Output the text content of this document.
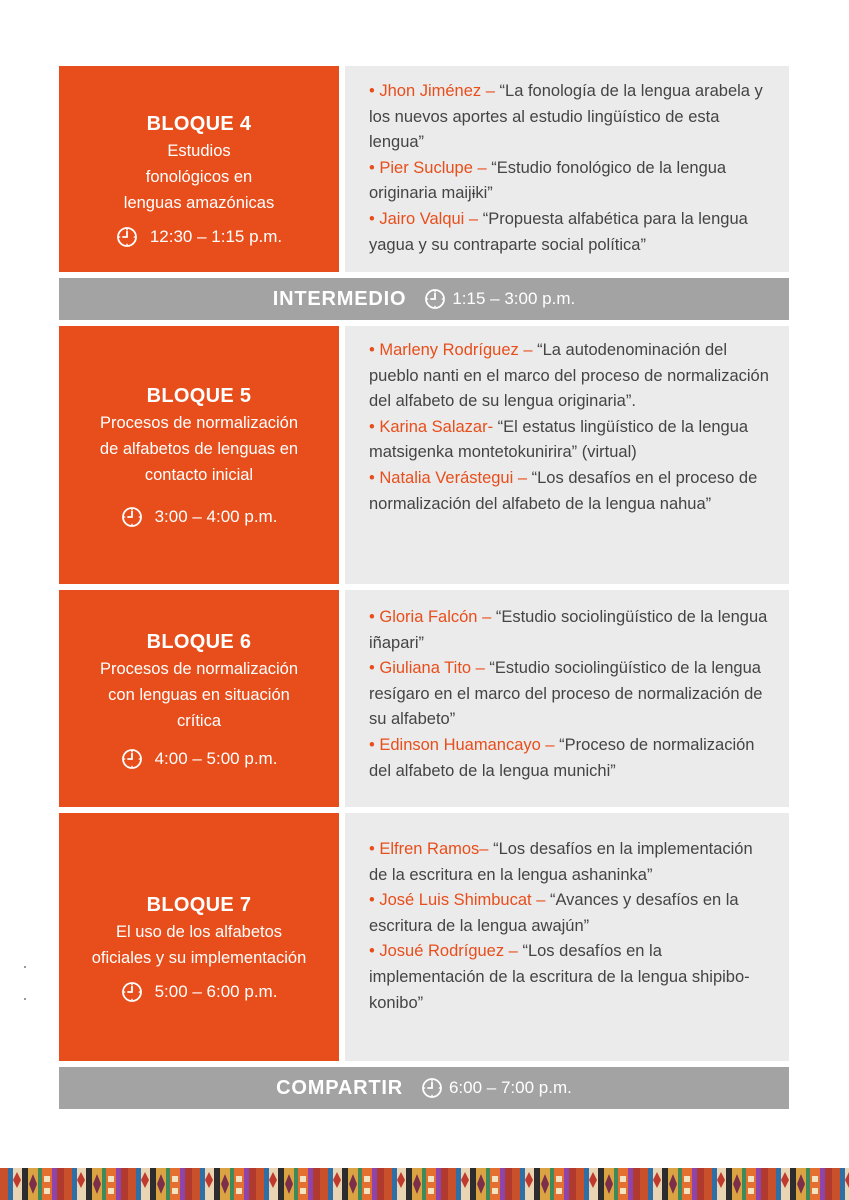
BLOQUE 4
Estudios
fonológicos en
lenguas amazónicas
12:30 – 1:15 p.m.

• Jhon Jiménez – “La fonología de la lengua arabela y los nuevos aportes al estudio lingüístico de esta lengua”

• Pier Suclupe – “Estudio fonológico de la lengua originaria maijɨki”

• Jairo Valqui – “Propuesta alfabética para la lengua yagua y su contraparte social política”

INTERMEDIO	1:15 – 3:00 p.m.
BLOQUE 5
Procesos de normalización
de alfabetos de lenguas en
contacto inicial
3:00 – 4:00 p.m.

• Marleny Rodríguez – “La autodenominación del pueblo nanti en el marco del proceso de normalización del alfabeto de su lengua originaria”.

• Karina Salazar- “El estatus lingüístico de la lengua matsigenka montetokunirira” (virtual)

• Natalia Verástegui – “Los desafíos en el proceso de normalización del alfabeto de la lengua nahua”

BLOQUE 6
Procesos de normalización
con lenguas en situación
crítica
4:00 – 5:00 p.m.

• Gloria Falcón – “Estudio sociolingüístico de la lengua iñapari”

• Giuliana Tito – “Estudio sociolingüístico de la lengua resígaro en el marco del proceso de normalización de su alfabeto”

• Edinson Huamancayo – “Proceso de normalización del alfabeto de la lengua munichi”

BLOQUE 7
El uso de los alfabetos
oficiales y su implementación
5:00 – 6:00 p.m.

• Elfren Ramos– “Los desafíos en la implementación de la escritura en la lengua ashaninka”

• José Luis Shimbucat – “Avances y desafíos en la escritura de la lengua awajún”

• Josué Rodríguez – “Los desafíos en la implementación de la escritura de la lengua shipibo-konibo”

COMPARTIR	6:00 – 7:00 p.m.
